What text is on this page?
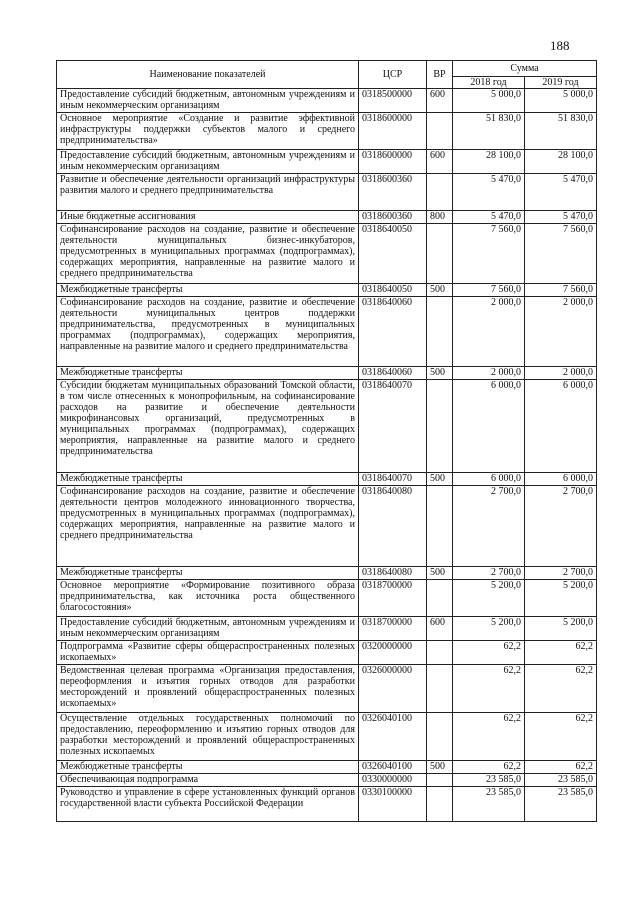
188
Наименование показателей	ЦСР	ВР	Сумма	
			2018 год	2019 год
Предоставление субсидий бюджетным, автономным учреждениям и иным некоммерческим организациям	0318500000	600	5 000,0	5 000,0
Основное мероприятие «Создание и развитие эффективной инфраструктуры поддержки субъектов малого и среднего предпринимательства»	0318600000		51 830,0	51 830,0
Предоставление субсидий бюджетным, автономным учреждениям и иным некоммерческим организациям	0318600000	600	28 100,0	28 100,0
Развитие и обеспечение деятельности организаций инфраструктуры развития малого и среднего предпринимательства	0318600360		5 470,0	5 470,0
Иные бюджетные ассигнования	0318600360	800	5 470,0	5 470,0
Софинансирование расходов на создание, развитие и обеспечение деятельности муниципальных бизнес-инкубаторов, предусмотренных в муниципальных программах (подпрограммах), содержащих мероприятия, направленные на развитие малого и среднего предпринимательства	0318640050		7 560,0	7 560,0
Межбюджетные трансферты	0318640050	500	7 560,0	7 560,0
Софинансирование расходов на создание, развитие и обеспечение деятельности муниципальных центров поддержки предпринимательства, предусмотренных в муниципальных программах (подпрограммах), содержащих мероприятия, направленные на развитие малого и среднего предпринимательства	0318640060		2 000,0	2 000,0
Межбюджетные трансферты	0318640060	500	2 000,0	2 000,0
Субсидии бюджетам муниципальных образований Томской области, в том числе отнесенных к монопрофильным, на софинансирование расходов на развитие и обеспечение деятельности микрофинансовых организаций, предусмотренных в муниципальных программах (подпрограммах), содержащих мероприятия, направленные на развитие малого и среднего предпринимательства	0318640070		6 000,0	6 000,0
Межбюджетные трансферты	0318640070	500	6 000,0	6 000,0
Софинансирование расходов на создание, развитие и обеспечение деятельности центров молодежного инновационного творчества, предусмотренных в муниципальных программах (подпрограммах), содержащих мероприятия, направленные на развитие малого и среднего предпринимательства	0318640080		2 700,0	2 700,0
Межбюджетные трансферты	0318640080	500	2 700,0	2 700,0
Основное мероприятие «Формирование позитивного образа предпринимательства, как источника роста общественного благосостояния»	0318700000		5 200,0	5 200,0
Предоставление субсидий бюджетным, автономным учреждениям и иным некоммерческим организациям	0318700000	600	5 200,0	5 200,0
Подпрограмма «Развитие сферы общераспространенных полезных ископаемых»	0320000000		62,2	62,2
Ведомственная целевая программа «Организация предоставления, переоформления и изъятия горных отводов для разработки месторождений и проявлений общераспространенных полезных ископаемых»	0326000000		62,2	62,2
Осуществление отдельных государственных полномочий по предоставлению, переоформлению и изъятию горных отводов для разработки месторождений и проявлений общераспространенных полезных ископаемых	0326040100		62,2	62,2
Межбюджетные трансферты	0326040100	500	62,2	62,2
Обеспечивающая подпрограмма	0330000000		23 585,0	23 585,0
Руководство и управление в сфере установленных функций органов государственной власти субъекта Российской Федерации	0330100000		23 585,0	23 585,0
